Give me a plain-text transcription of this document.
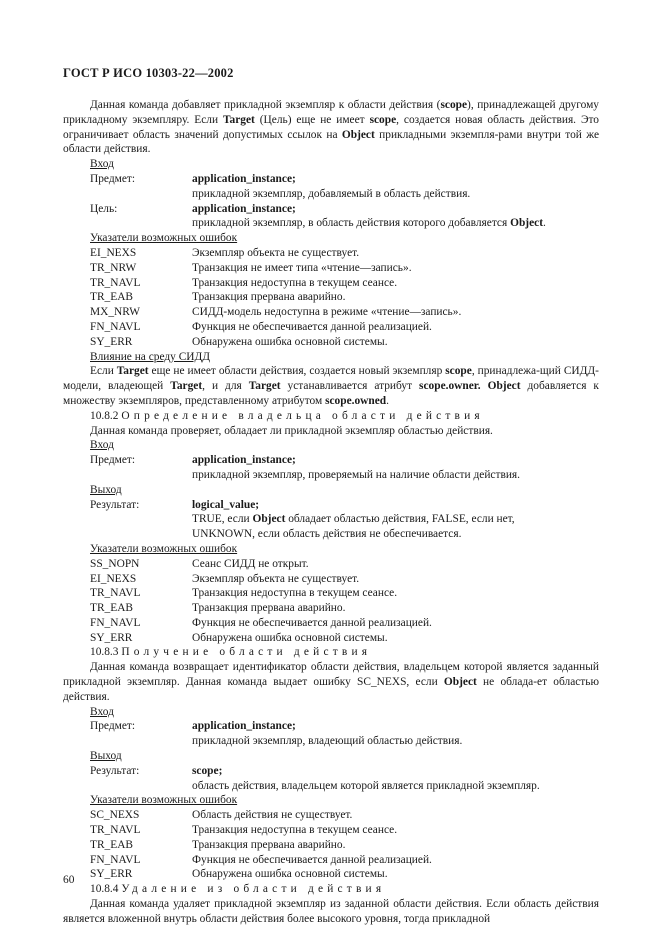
ГОСТ Р ИСО 10303-22—2002

Данная команда добавляет прикладной экземпляр к области действия (scope), принадлежащей другому прикладному экземпляру. Если Target (Цель) еще не имеет scope, создается новая область действия. Это ограничивает область значений допустимых ссылок на Object прикладными экземпля-рами внутри той же области действия.

Вход

Предмет:	application_instance;

прикладной экземпляр, добавляемый в область действия.

Цель:	application_instance;

прикладной экземпляр, в область действия которого добавляется Object.

Указатели возможных ошибок

EI_NEXS	Экземпляр объекта не существует.
TR_NRW	Транзакция не имеет типа «чтение—запись».
TR_NAVL	Транзакция недоступна в текущем сеансе.
TR_EAB	Транзакция прервана аварийно.
MX_NRW	СИДД-модель недоступна в режиме «чтение—запись».
FN_NAVL	Функция не обеспечивается данной реализацией.
SY_ERR	Обнаружена ошибка основной системы.

Влияние на среду СИДД

Если Target еще не имеет области действия, создается новый экземпляр scope, принадлежа-щий СИДД-модели, владеющей Target, и для Target устанавливается атрибут scope.owner. Object добавляется к множеству экземпляров, представленному атрибутом scope.owned.

10.8.2 Определение владельца области действия

Данная команда проверяет, обладает ли прикладной экземпляр областью действия.

Вход

Предмет:	application_instance;

прикладной экземпляр, проверяемый на наличие области действия.

Выход

Результат:	logical_value;

TRUE, если Object обладает областью действия, FALSE, если нет,

UNKNOWN, если область действия не обеспечивается.

Указатели возможных ошибок

SS_NOPN	Сеанс СИДД не открыт.
EI_NEXS	Экземпляр объекта не существует.
TR_NAVL	Транзакция недоступна в текущем сеансе.
TR_EAB	Транзакция прервана аварийно.
FN_NAVL	Функция не обеспечивается данной реализацией.
SY_ERR	Обнаружена ошибка основной системы.

10.8.3 Получение области действия

Данная команда возвращает идентификатор области действия, владельцем которой является заданный прикладной экземпляр. Данная команда выдает ошибку SC_NEXS, если Object не облада-ет областью действия.

Вход

Предмет:	application_instance;

прикладной экземпляр, владеющий областью действия.

Выход

Результат:	scope;

область действия, владельцем которой является прикладной экземпляр.

Указатели возможных ошибок

SC_NEXS	Область действия не существует.
TR_NAVL	Транзакция недоступна в текущем сеансе.
TR_EAB	Транзакция прервана аварийно.
FN_NAVL	Функция не обеспечивается данной реализацией.
SY_ERR	Обнаружена ошибка основной системы.

10.8.4 Удаление из области действия

Данная команда удаляет прикладной экземпляр из заданной области действия. Если область действия является вложенной внутрь области действия более высокого уровня, тогда прикладной

60
